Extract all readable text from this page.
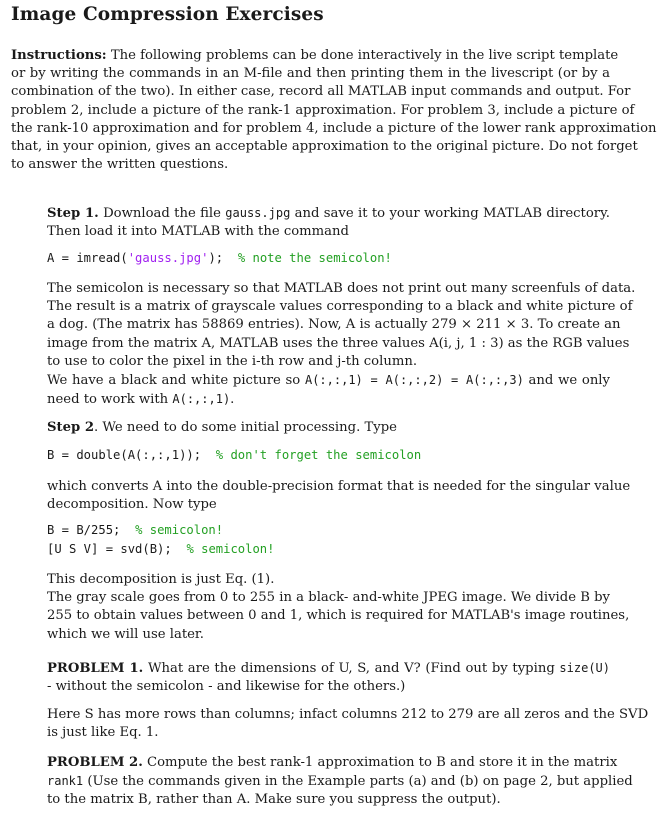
Image Compression Exercises
Instructions: The following problems can be done interactively in the live script template
or by writing the commands in an M-file and then printing them in the livescript (or by a
combination of the two). In either case, record all MATLAB input commands and output. For
problem 2, include a picture of the rank-1 approximation. For problem 3, include a picture of
the rank-10 approximation and for problem 4, include a picture of the lower rank approximation
that, in your opinion, gives an acceptable approximation to the original picture. Do not forget
to answer the written questions.
Step 1. Download the file gauss.jpg and save it to your working MATLAB directory.
Then load it into MATLAB with the command
A = imread('gauss.jpg'); % note the semicolon!
The semicolon is necessary so that MATLAB does not print out many screenfuls of data.
The result is a matrix of grayscale values corresponding to a black and white picture of
a dog. (The matrix has 58869 entries). Now, A is actually 279 × 211 × 3. To create an
image from the matrix A, MATLAB uses the three values A(i, j, 1 : 3) as the RGB values
to use to color the pixel in the i-th row and j-th column.
We have a black and white picture so A(:,:,1) = A(:,:,2) = A(:,:,3) and we only
need to work with A(:,:,1).
Step 2. We need to do some initial processing. Type
B = double(A(:,:,1)); % don't forget the semicolon
which converts A into the double-precision format that is needed for the singular value
decomposition. Now type
B = B/255; % semicolon!
[U S V] = svd(B); % semicolon!
This decomposition is just Eq. (1).
The gray scale goes from 0 to 255 in a black- and-white JPEG image. We divide B by
255 to obtain values between 0 and 1, which is required for MATLAB's image routines,
which we will use later.
PROBLEM 1. What are the dimensions of U, S, and V? (Find out by typing size(U)
- without the semicolon - and likewise for the others.)
Here S has more rows than columns; infact columns 212 to 279 are all zeros and the SVD
is just like Eq. 1.
PROBLEM 2. Compute the best rank-1 approximation to B and store it in the matrix
rank1 (Use the commands given in the Example parts (a) and (b) on page 2, but applied
to the matrix B, rather than A. Make sure you suppress the output).
